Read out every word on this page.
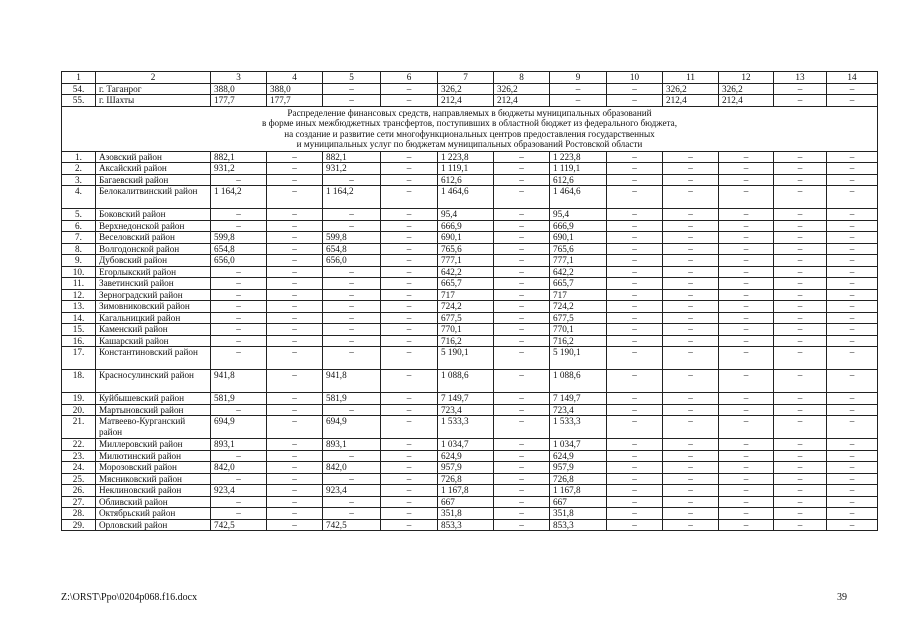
1	2	3	4	5	6	7	8	9	10	11	12	13	14
54.	г. Таганрог	388,0	388,0	–	–	326,2	326,2	–	–	326,2	326,2	–	–
55.	г. Шахты	177,7	177,7	–	–	212,4	212,4	–	–	212,4	212,4	–	–

Распределение финансовых средств, направляемых в бюджеты муниципальных образований
в форме иных межбюджетных трансфертов, поступивших в областной бюджет из федерального бюджета,
на создание и развитие сети многофункциональных центров предоставления государственных
и муниципальных услуг по бюджетам муниципальных образований Ростовской области													

1.	Азовский район	882,1	–	882,1	–	1 223,8	–	1 223,8	–	–	–	–	–
2.	Аксайский район	931,2	–	931,2	–	1 119,1	–	1 119,1	–	–	–	–	–
3.	Багаевский район	–	–	–	–	612,6	–	612,6	–	–	–	–	–
4.	Белокалитвинский район	1 164,2	–	1 164,2	–	1 464,6	–	1 464,6	–	–	–	–	–
5.	Боковский район	–	–	–	–	95,4	–	95,4	–	–	–	–	–
6.	Верхнедонской район	–	–	–	–	666,9	–	666,9	–	–	–	–	–
7.	Веселовский район	599,8	–	599,8	–	690,1	–	690,1	–	–	–	–	–
8.	Волгодонской район	654,8	–	654,8	–	765,6	–	765,6	–	–	–	–	–
9.	Дубовский район	656,0	–	656,0	–	777,1	–	777,1	–	–	–	–	–
10.	Егорлыкский район	–	–	–	–	642,2	–	642,2	–	–	–	–	–
11.	Заветинский район	–	–	–	–	665,7	–	665,7	–	–	–	–	–
12.	Зерноградский район	–	–	–	–	717	–	717	–	–	–	–	–
13.	Зимовниковский район	–	–	–	–	724,2	–	724,2	–	–	–	–	–
14.	Кагальницкий район	–	–	–	–	677,5	–	677,5	–	–	–	–	–
15.	Каменский район	–	–	–	–	770,1	–	770,1	–	–	–	–	–
16.	Кашарский район	–	–	–	–	716,2	–	716,2	–	–	–	–	–
17.	Константиновский район	–	–	–	–	5 190,1	–	5 190,1	–	–	–	–	–
18.	Красносулинский район	941,8	–	941,8	–	1 088,6	–	1 088,6	–	–	–	–	–
19.	Куйбышевский район	581,9	–	581,9	–	7 149,7	–	7 149,7	–	–	–	–	–
20.	Мартыновский район	–	–	–	–	723,4	–	723,4	–	–	–	–	–
21.	Матвеево-Курганский район	694,9	–	694,9	–	1 533,3	–	1 533,3	–	–	–	–	–
22.	Миллеровский район	893,1	–	893,1	–	1 034,7	–	1 034,7	–	–	–	–	–
23.	Милютинский район	–	–	–	–	624,9	–	624,9	–	–	–	–	–
24.	Морозовский район	842,0	–	842,0	–	957,9	–	957,9	–	–	–	–	–
25.	Мясниковский район	–	–	–	–	726,8	–	726,8	–	–	–	–	–
26.	Неклиновский район	923,4	–	923,4	–	1 167,8	–	1 167,8	–	–	–	–	–
27.	Обливский район	–	–	–	–	667	–	667	–	–	–	–	–
28.	Октябрьский район	–	–	–	–	351,8	–	351,8	–	–	–	–	–
29.	Орловский район	742,5	–	742,5	–	853,3	–	853,3	–	–	–	–	–
Z:\ORST\Ppo\0204p068.f16.docx	39
